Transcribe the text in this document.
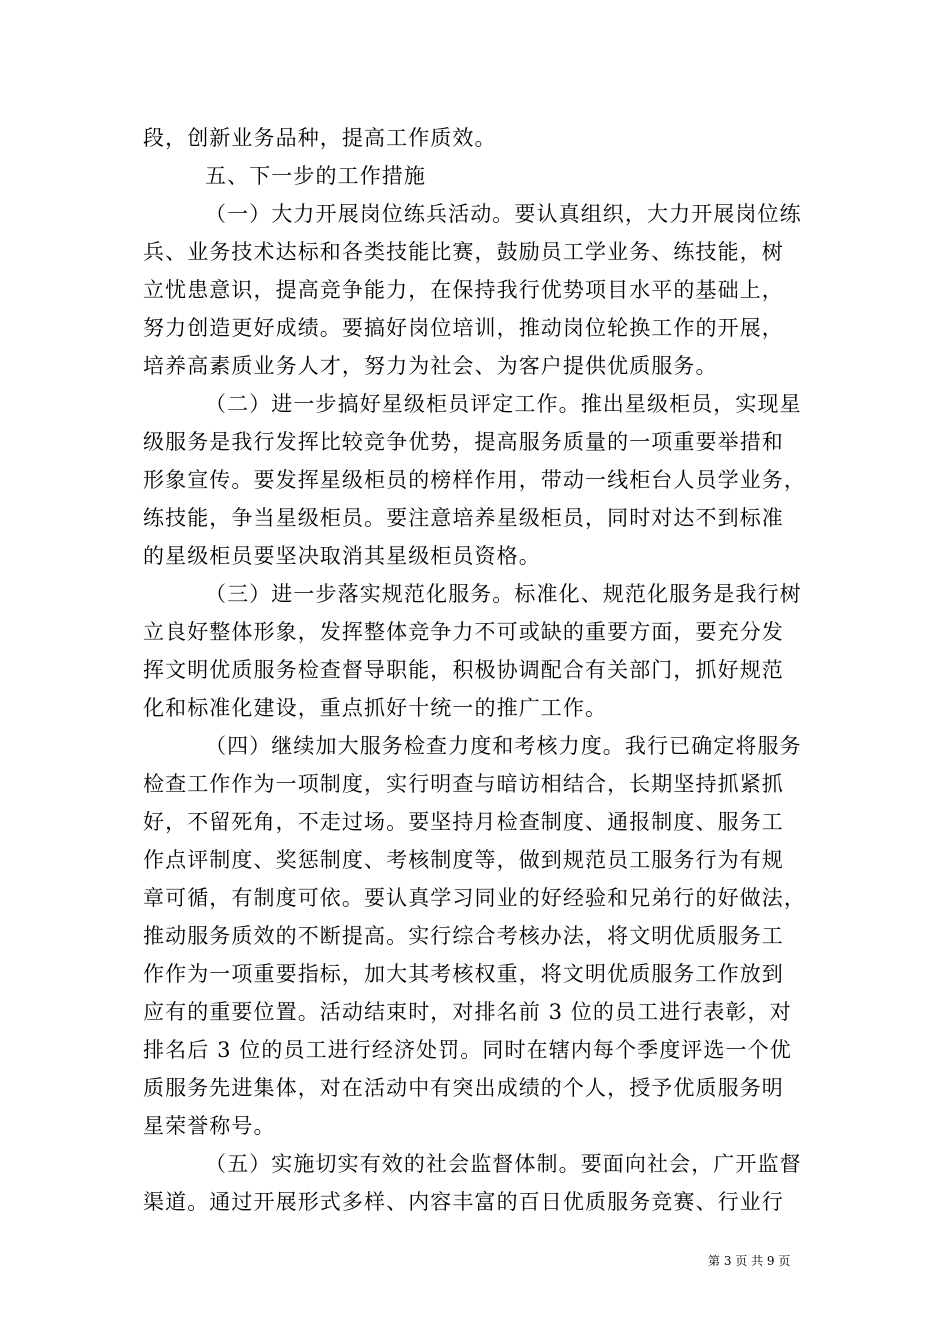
段，创新业务品种，提高工作质效。
五、下一步的工作措施
（一）大力开展岗位练兵活动。要认真组织，大力开展岗位练
兵、业务技术达标和各类技能比赛，鼓励员工学业务、练技能，树
立忧患意识，提高竞争能力，在保持我行优势项目水平的基础上，
努力创造更好成绩。要搞好岗位培训，推动岗位轮换工作的开展，
培养高素质业务人才，努力为社会、为客户提供优质服务。
（二）进一步搞好星级柜员评定工作。推出星级柜员，实现星
级服务是我行发挥比较竞争优势，提高服务质量的一项重要举措和
形象宣传。要发挥星级柜员的榜样作用，带动一线柜台人员学业务，
练技能，争当星级柜员。要注意培养星级柜员，同时对达不到标准
的星级柜员要坚决取消其星级柜员资格。
（三）进一步落实规范化服务。标准化、规范化服务是我行树
立良好整体形象，发挥整体竞争力不可或缺的重要方面，要充分发
挥文明优质服务检查督导职能，积极协调配合有关部门，抓好规范
化和标准化建设，重点抓好十统一的推广工作。
（四）继续加大服务检查力度和考核力度。我行已确定将服务
检查工作作为一项制度，实行明查与暗访相结合，长期坚持抓紧抓
好，不留死角，不走过场。要坚持月检查制度、通报制度、服务工
作点评制度、奖惩制度、考核制度等，做到规范员工服务行为有规
章可循，有制度可依。要认真学习同业的好经验和兄弟行的好做法，
推动服务质效的不断提高。实行综合考核办法，将文明优质服务工
作作为一项重要指标，加大其考核权重，将文明优质服务工作放到
应有的重要位置。活动结束时，对排名前 3 位的员工进行表彰，对
排名后 3 位的员工进行经济处罚。同时在辖内每个季度评选一个优
质服务先进集体，对在活动中有突出成绩的个人，授予优质服务明
星荣誉称号。
（五）实施切实有效的社会监督体制。要面向社会，广开监督
渠道。通过开展形式多样、内容丰富的百日优质服务竞赛、行业行
第 3 页 共 9 页
